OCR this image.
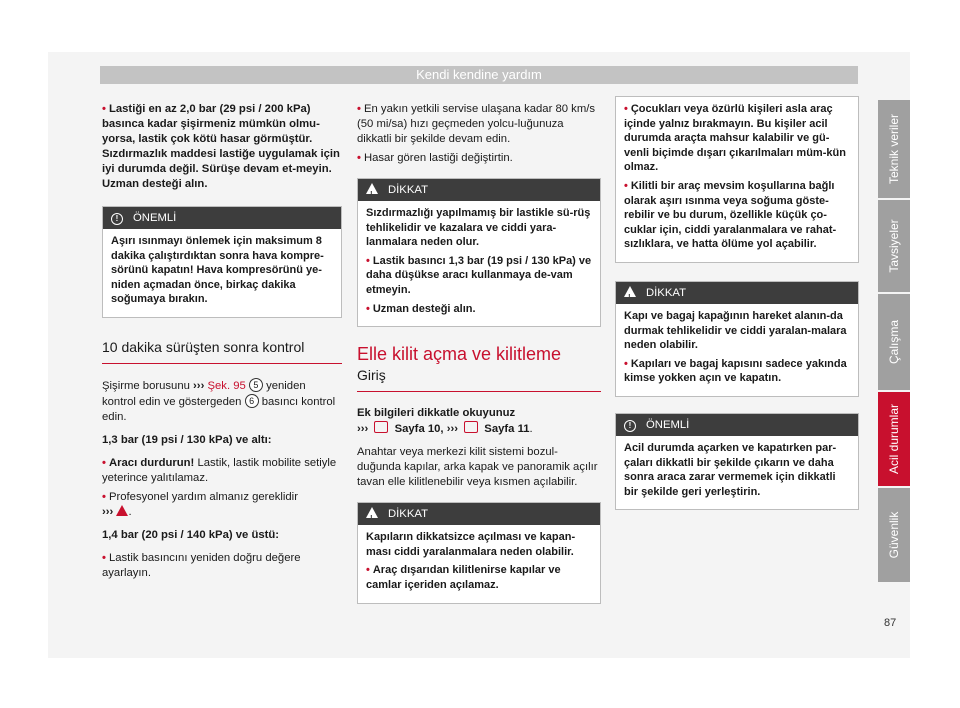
Kendi kendine yardım

• Lastiği en az 2,0 bar (29 psi / 200 kPa) basınca kadar şişirmeniz mümkün olmu-yorsa, lastik çok kötü hasar görmüştür. Sızdırmazlık maddesi lastiğe uygulamak için iyi durumda değil. Sürüşe devam et-meyin. Uzman desteği alın.

! ÖNEMLİ

Aşırı ısınmayı önlemek için maksimum 8 dakika çalıştırdıktan sonra hava kompre-sörünü kapatın! Hava kompresörünü ye-niden açmadan önce, birkaç dakika soğumaya bırakın.

10 dakika sürüşten sonra kontrol

Şişirme borusunu ››› Şek. 95 5 yeniden kontrol edin ve göstergeden 6 basıncı kontrol edin.

1,3 bar (19 psi / 130 kPa) ve altı:

• Aracı durdurun! Lastik, lastik mobilite setiyle yeterince yalıtılamaz.

• Profesyonel yardım almanız gereklidir
››› .

1,4 bar (20 psi / 140 kPa) ve üstü:

• Lastik basıncını yeniden doğru değere ayarlayın.

• En yakın yetkili servise ulaşana kadar 80 km/s (50 mi/sa) hızı geçmeden yolcu-luğunuza dikkatli bir şekilde devam edin.

• Hasar gören lastiği değiştirtin.

!DİKKAT

Sızdırmazlığı yapılmamış bir lastikle sü-rüş tehlikelidir ve kazalara ve ciddi yara-lanmalara neden olur.

• Lastik basıncı 1,3 bar (19 psi / 130 kPa) ve daha düşükse aracı kullanmaya de-vam etmeyin.

• Uzman desteği alın.

Elle kilit açma ve kilitleme
Giriş

Ek bilgileri dikkatle okuyunuz
››› Sayfa 10, ››› Sayfa 11.

Anahtar veya merkezi kilit sistemi bozul-duğunda kapılar, arka kapak ve panoramik açılır tavan elle kilitlenebilir veya kısmen açılabilir.

!DİKKAT

Kapıların dikkatsizce açılması ve kapan-ması ciddi yaralanmalara neden olabilir.

• Araç dışarıdan kilitlenirse kapılar ve camlar içeriden açılamaz.

• Çocukları veya özürlü kişileri asla araç içinde yalnız bırakmayın. Bu kişiler acil durumda araçta mahsur kalabilir ve gü-venli biçimde dışarı çıkarılmaları müm-kün olmaz.

• Kilitli bir araç mevsim koşullarına bağlı olarak aşırı ısınma veya soğuma göste-rebilir ve bu durum, özellikle küçük ço-cuklar için, ciddi yaralanmalara ve rahat-sızlıklara, ve hatta ölüme yol açabilir.

!DİKKAT

Kapı ve bagaj kapağının hareket alanın-da durmak tehlikelidir ve ciddi yaralan-malara neden olabilir.

• Kapıları ve bagaj kapısını sadece yakında kimse yokken açın ve kapatın.

! ÖNEMLİ

Acil durumda açarken ve kapatırken par-çaları dikkatli bir şekilde çıkarın ve daha sonra araca zarar vermemek için dikkatli bir şekilde geri yerleştirin.

Teknik veriler
Tavsiyeler
Çalışma
Acil durumlar
Güvenlik
87
